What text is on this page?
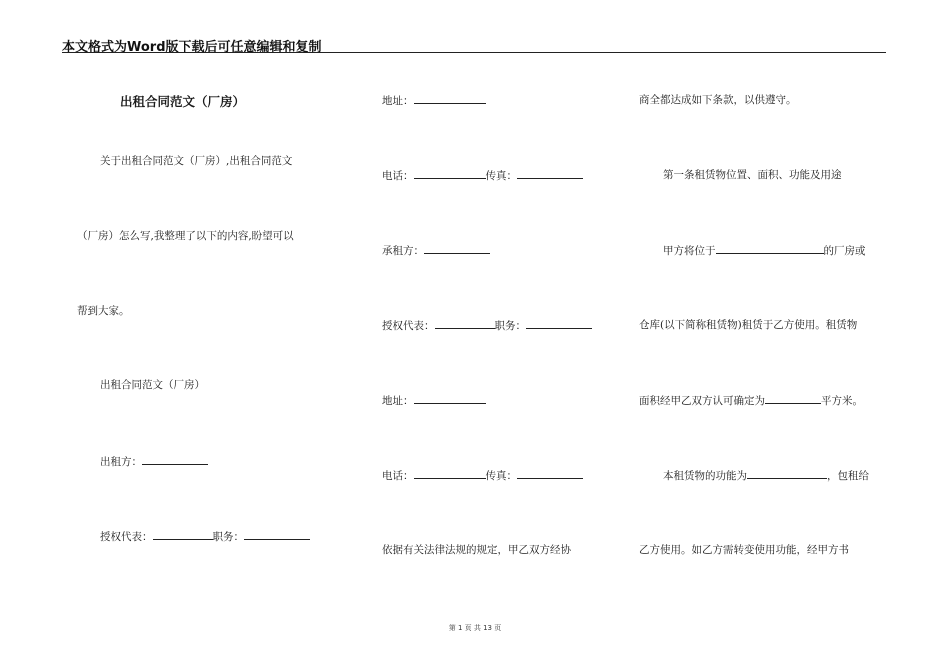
本文格式为Word版下载后可任意编辑和复制
出租合同范文（厂房）
关于出租合同范文（厂房）,出租合同范文
（厂房）怎么写,我整理了以下的内容,盼望可以
帮到大家。
出租合同范文（厂房）
出租方：
授权代表：	职务：
地址：
电话：	传真：
承租方：
授权代表：	职务：
地址：
电话：	传真：
依据有关法律法规的规定，甲乙双方经协
商全都达成如下条款，以供遵守。
第一条租赁物位置、面积、功能及用途
甲方将位于	的厂房或
仓库(以下简称租赁物)租赁于乙方使用。租赁物
面积经甲乙双方认可确定为	平方米。
本租赁物的功能为	，包租给
乙方使用。如乙方需转变使用功能，经甲方书
第 1 页 共 13 页
